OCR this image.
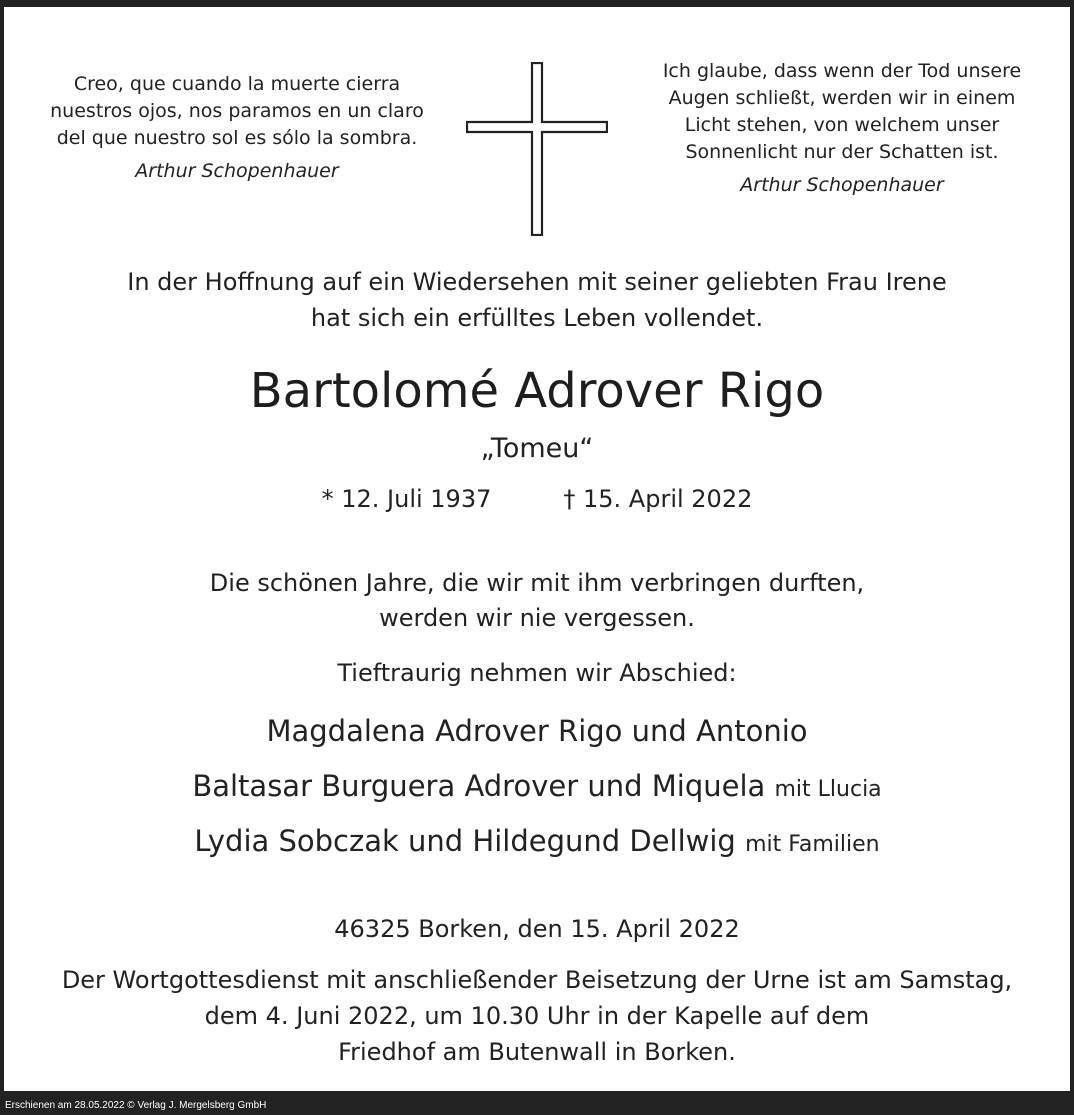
Creo, que cuando la muerte cierra
nuestros ojos, nos paramos en un claro
del que nuestro sol es sólo la sombra.
Arthur Schopenhauer
Ich glaube, dass wenn der Tod unsere
Augen schließt, werden wir in einem
Licht stehen, von welchem unser
Sonnenlicht nur der Schatten ist.
Arthur Schopenhauer
In der Hoffnung auf ein Wiedersehen mit seiner geliebten Frau Irene
hat sich ein erfülltes Leben vollendet.
Bartolomé Adrover Rigo
„Tomeu“
* 12. Juli 1937	† 15. April 2022
Die schönen Jahre, die wir mit ihm verbringen durften,
werden wir nie vergessen.
Tieftraurig nehmen wir Abschied:
Magdalena Adrover Rigo und Antonio
Baltasar Burguera Adrover und Miquela mit Llucia
Lydia Sobczak und Hildegund Dellwig mit Familien
46325 Borken, den 15. April 2022
Der Wortgottesdienst mit anschließender Beisetzung der Urne ist am Samstag,
dem 4. Juni 2022, um 10.30 Uhr in der Kapelle auf dem
Friedhof am Butenwall in Borken.
Erschienen am 28.05.2022 © Verlag J. Mergelsberg GmbH
